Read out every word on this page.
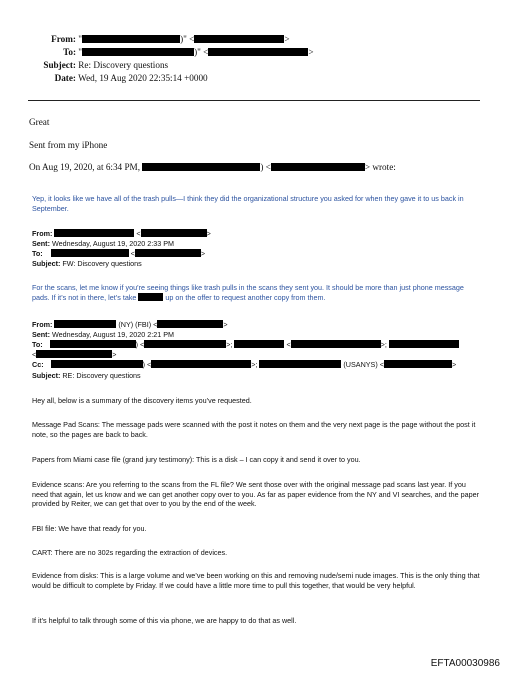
From: "	)" <	>
To: "	)" <	>
Subject: Re: Discovery questions
Date: Wed, 19 Aug 2020 22:35:14 +0000
Great
Sent from my iPhone
On Aug 19, 2020, at 6:34 PM,	) <	> wrote:
Yep, it looks like we have all of the trash pulls—I think they did the organizational structure you asked for when they gave it to us back in September.
From:	<	>
Sent: Wednesday, August 19, 2020 2:33 PM
To:	<	>
Subject: FW: Discovery questions
For the scans, let me know if you’re seeing things like trash pulls in the scans they sent you. It should be more than just phone message pads. If it’s not in there, let’s take	up on the offer to request another copy from them.
From:	(NY) (FBI) <	>
Sent: Wednesday, August 19, 2020 2:21 PM
To:	) <	>;	<	>;
<	>
Cc:	) <	>;	(USANYS) <	>
Subject: RE: Discovery questions
Hey all, below is a summary of the discovery items you’ve requested.
Message Pad Scans: The message pads were scanned with the post it notes on them and the very next page is the page without the post it note, so the pages are back to back.
Papers from Miami case file (grand jury testimony): This is a disk – I can copy it and send it over to you.
Evidence scans: Are you referring to the scans from the FL file? We sent those over with the original message pad scans last year. If you need that again, let us know and we can get another copy over to you. As far as paper evidence from the NY and VI searches, and the paper provided by Reiter, we can get that over to you by the end of the week.
FBI file: We have that ready for you.
CART: There are no 302s regarding the extraction of devices.
Evidence from disks: This is a large volume and we’ve been working on this and removing nude/semi nude images. This is the only thing that would be difficult to complete by Friday. If we could have a little more time to pull this together, that would be very helpful.
If it’s helpful to talk through some of this via phone, we are happy to do that as well.
EFTA00030986
